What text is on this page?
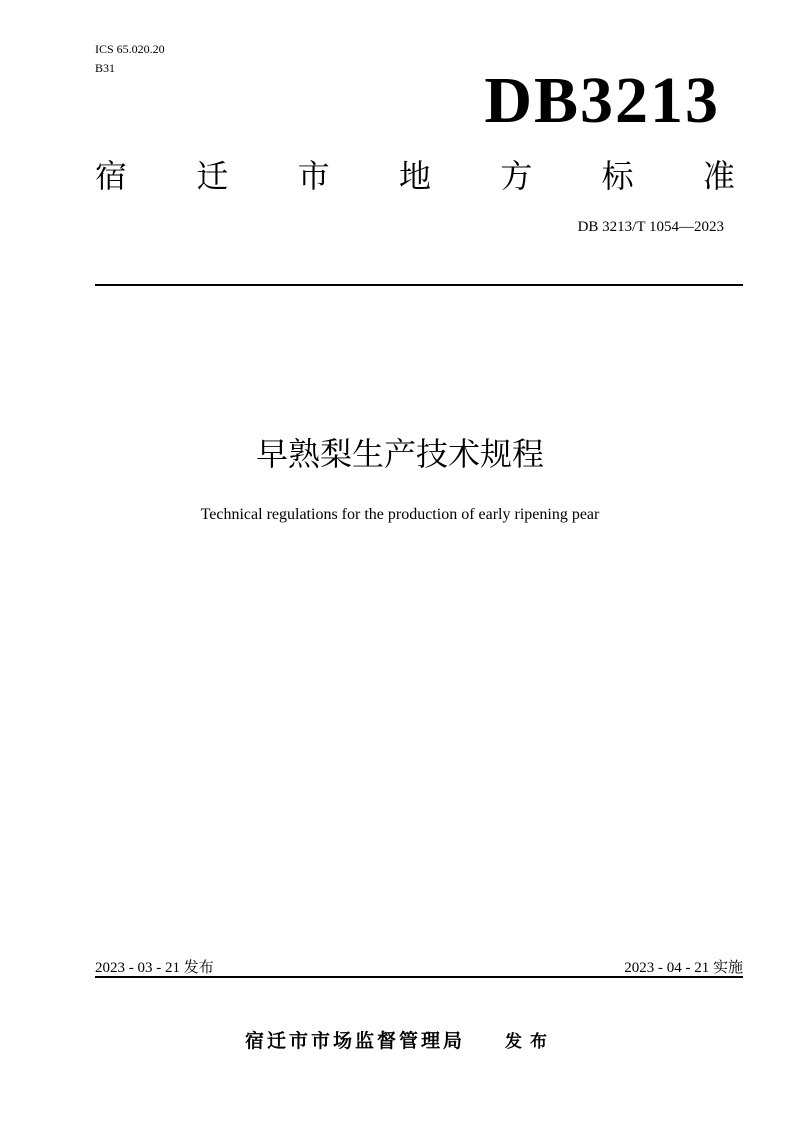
ICS 65.020.20
B31	DB3213
宿 迁 市 地 方 标 准
DB 3213/T 1054—2023
早熟梨生产技术规程
Technical regulations for the production of early ripening pear
2023 - 03 - 21 发布	2023 - 04 - 21 实施
宿迁市市场监督管理局 发布
